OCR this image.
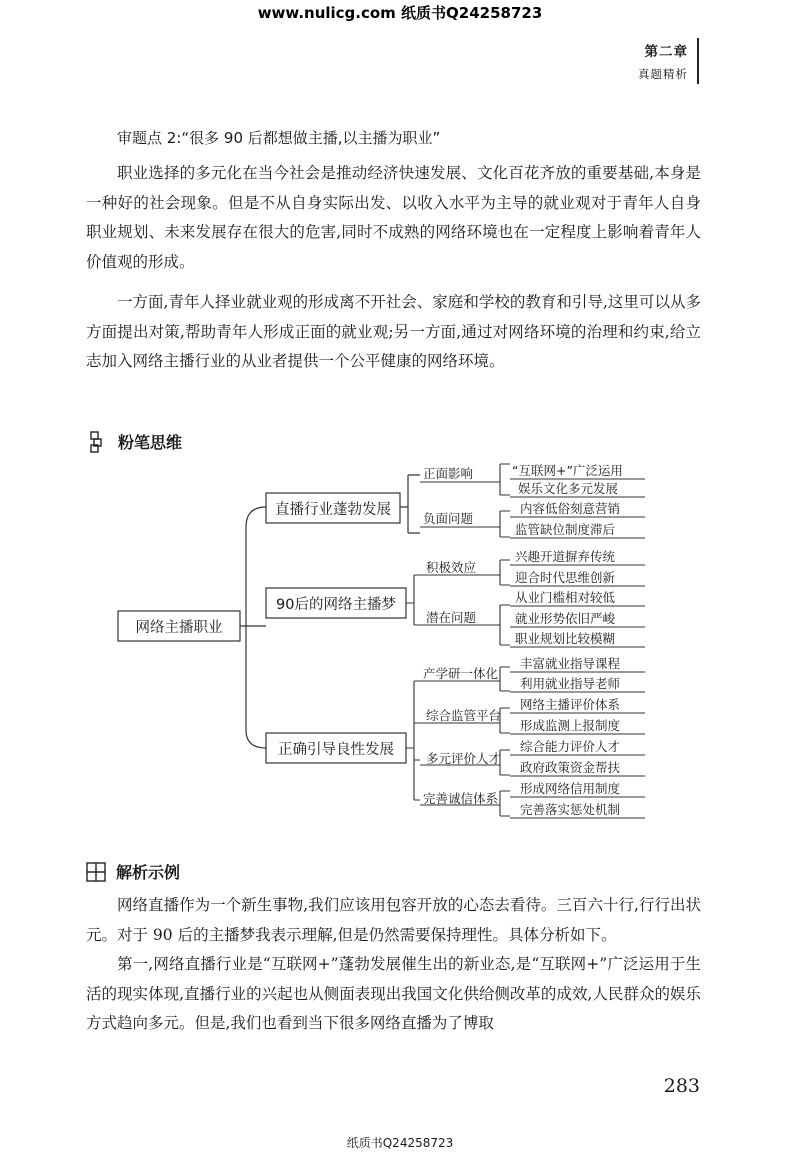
www.nulicg.com 纸质书Q24258723
第二章
真题精析
审题点 2:“很多 90 后都想做主播,以主播为职业”

职业选择的多元化在当今社会是推动经济快速发展、文化百花齐放的重要基础,本身是一种好的社会现象。但是不从自身实际出发、以收入水平为主导的就业观对于青年人自身职业规划、未来发展存在很大的危害,同时不成熟的网络环境也在一定程度上影响着青年人价值观的形成。

一方面,青年人择业就业观的形成离不开社会、家庭和学校的教育和引导,这里可以从多方面提出对策,帮助青年人形成正面的就业观;另一方面,通过对网络环境的治理和约束,给立志加入网络主播行业的从业者提供一个公平健康的网络环境。

粉笔思维
网络主播职业
直播行业蓬勃发展
正面影响	“互联网+”广泛运用
娱乐文化多元发展
负面问题
内容低俗刻意营销
监管缺位制度滞后
90后的网络主播梦
积极效应
兴趣开道摒弃传统
迎合时代思维创新
潜在问题
从业门槛相对较低
就业形势依旧严峻
职业规划比较模糊
正确引导良性发展
产学研一体化
丰富就业指导课程
利用就业指导老师
综合监管平台
网络主播评价体系
形成监测上报制度
多元评价人才
综合能力评价人才
政府政策资金帮扶
完善诚信体系
形成网络信用制度
完善落实惩处机制
解析示例

网络直播作为一个新生事物,我们应该用包容开放的心态去看待。三百六十行,行行出状元。对于 90 后的主播梦我表示理解,但是仍然需要保持理性。具体分析如下。

第一,网络直播行业是“互联网+”蓬勃发展催生出的新业态,是“互联网+”广泛运用于生活的现实体现,直播行业的兴起也从侧面表现出我国文化供给侧改革的成效,人民群众的娱乐方式趋向多元。但是,我们也看到当下很多网络直播为了博取

283
纸质书Q24258723
